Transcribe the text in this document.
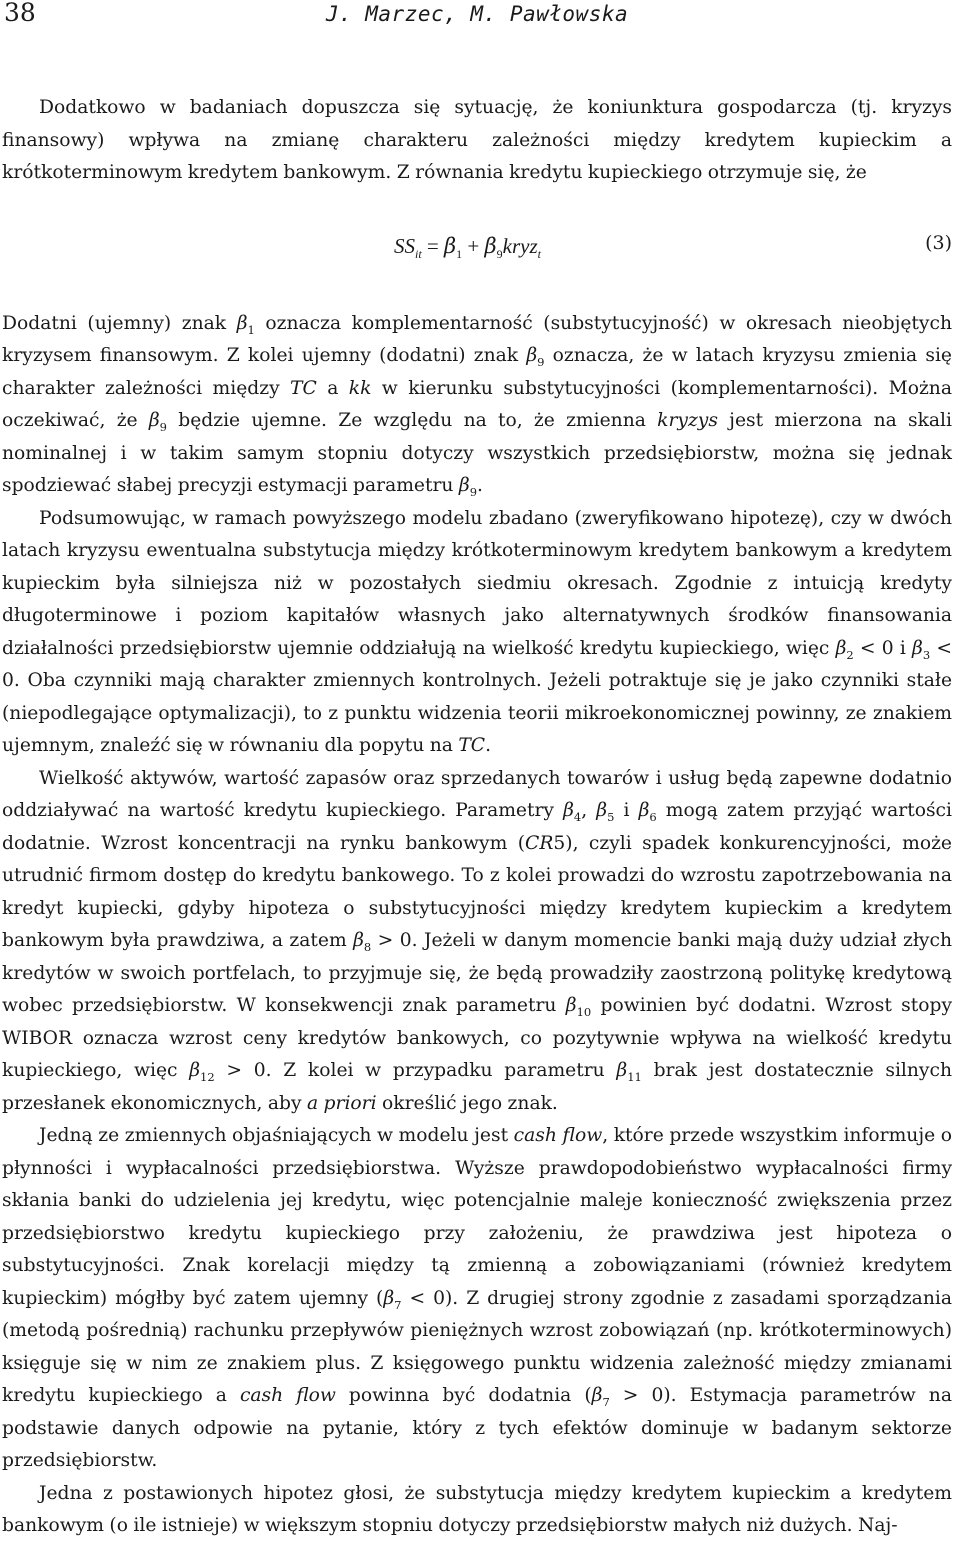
38	J. Marzec, M. Pawłowska

Dodatkowo w badaniach dopuszcza się sytuację, że koniunktura gospodarcza (tj. kryzys finansowy) wpływa na zmianę charakteru zależności między kredytem kupieckim a krótkoterminowym kredytem bankowym. Z równania kredytu kupieckiego otrzymuje się, że

$SS_{it} = \beta_1$ + $\beta_9kryz_t$	(3)

Dodatni (ujemny) znak $\beta_1$ oznacza komplementarność (substytucyjność) w okresach nieobjętych kryzysem finansowym. Z kolei ujemny (dodatni) znak $\beta_9$ oznacza, że w latach kryzysu zmienia się charakter zależności między TC a kk w kierunku substytucyjności (komplementarności). Można oczekiwać, że $\beta_9$ będzie ujemne. Ze względu na to, że zmienna kryzys jest mierzona na skali nominalnej i w takim samym stopniu dotyczy wszystkich przedsiębiorstw, można się jednak spodziewać słabej precyzji estymacji parametru $\beta_9$.

Podsumowując, w ramach powyższego modelu zbadano (zweryfikowano hipotezę), czy w dwóch latach kryzysu ewentualna substytucja między krótkoterminowym kredytem bankowym a kredytem kupieckim była silniejsza niż w pozostałych siedmiu okresach. Zgodnie z intuicją kredyty długoterminowe i poziom kapitałów własnych jako alternatywnych środków finansowania działalności przedsiębiorstw ujemnie oddziałują na wielkość kredytu kupieckiego, więc $\beta_2 < 0$ i $\beta_3 < 0$. Oba czynniki mają charakter zmiennych kontrolnych. Jeżeli potraktuje się je jako czynniki stałe (niepodlegające optymalizacji), to z punktu widzenia teorii mikroekonomicznej powinny, ze znakiem ujemnym, znaleźć się w równaniu dla popytu na TC.

Wielkość aktywów, wartość zapasów oraz sprzedanych towarów i usług będą zapewne dodatnio oddziaływać na wartość kredytu kupieckiego. Parametry $\beta_4$, $\beta_5$ i $\beta_6$ mogą zatem przyjąć wartości dodatnie. Wzrost koncentracji na rynku bankowym (CR5), czyli spadek konkurencyjności, może utrudnić firmom dostęp do kredytu bankowego. To z kolei prowadzi do wzrostu zapotrzebowania na kredyt kupiecki, gdyby hipoteza o substytucyjności między kredytem kupieckim a kredytem bankowym była prawdziwa, a zatem $\beta_8 > 0$. Jeżeli w danym momencie banki mają duży udział złych kredytów w swoich portfelach, to przyjmuje się, że będą prowadziły zaostrzoną politykę kredytową wobec przedsiębiorstw. W konsekwencji znak parametru $\beta_{10}$ powinien być dodatni. Wzrost stopy WIBOR oznacza wzrost ceny kredytów bankowych, co pozytywnie wpływa na wielkość kredytu kupieckiego, więc $\beta_{12} > 0$. Z kolei w przypadku parametru $\beta_{11}$ brak jest dostatecznie silnych przesłanek ekonomicznych, aby a priori określić jego znak.

Jedną ze zmiennych objaśniających w modelu jest cash flow, które przede wszystkim informuje o płynności i wypłacalności przedsiębiorstwa. Wyższe prawdopodobieństwo wypłacalności firmy skłania banki do udzielenia jej kredytu, więc potencjalnie maleje konieczność zwiększenia przez przedsiębiorstwo kredytu kupieckiego przy założeniu, że prawdziwa jest hipoteza o substytucyjności. Znak korelacji między tą zmienną a zobowiązaniami (również kredytem kupieckim) mógłby być zatem ujemny $(\beta_7 < 0)$. Z drugiej strony zgodnie z zasadami sporządzania (metodą pośrednią) rachunku przepływów pieniężnych wzrost zobowiązań (np. krótkoterminowych) księguje się w nim ze znakiem plus. Z księgowego punktu widzenia zależność między zmianami kredytu kupieckiego a cash flow powinna być dodatnia $(\beta_7 > 0)$. Estymacja parametrów na podstawie danych odpowie na pytanie, który z tych efektów dominuje w badanym sektorze przedsiębiorstw.

Jedna z postawionych hipotez głosi, że substytucja między kredytem kupieckim a kredytem bankowym (o ile istnieje) w większym stopniu dotyczy przedsiębiorstw małych niż dużych. Naj-
